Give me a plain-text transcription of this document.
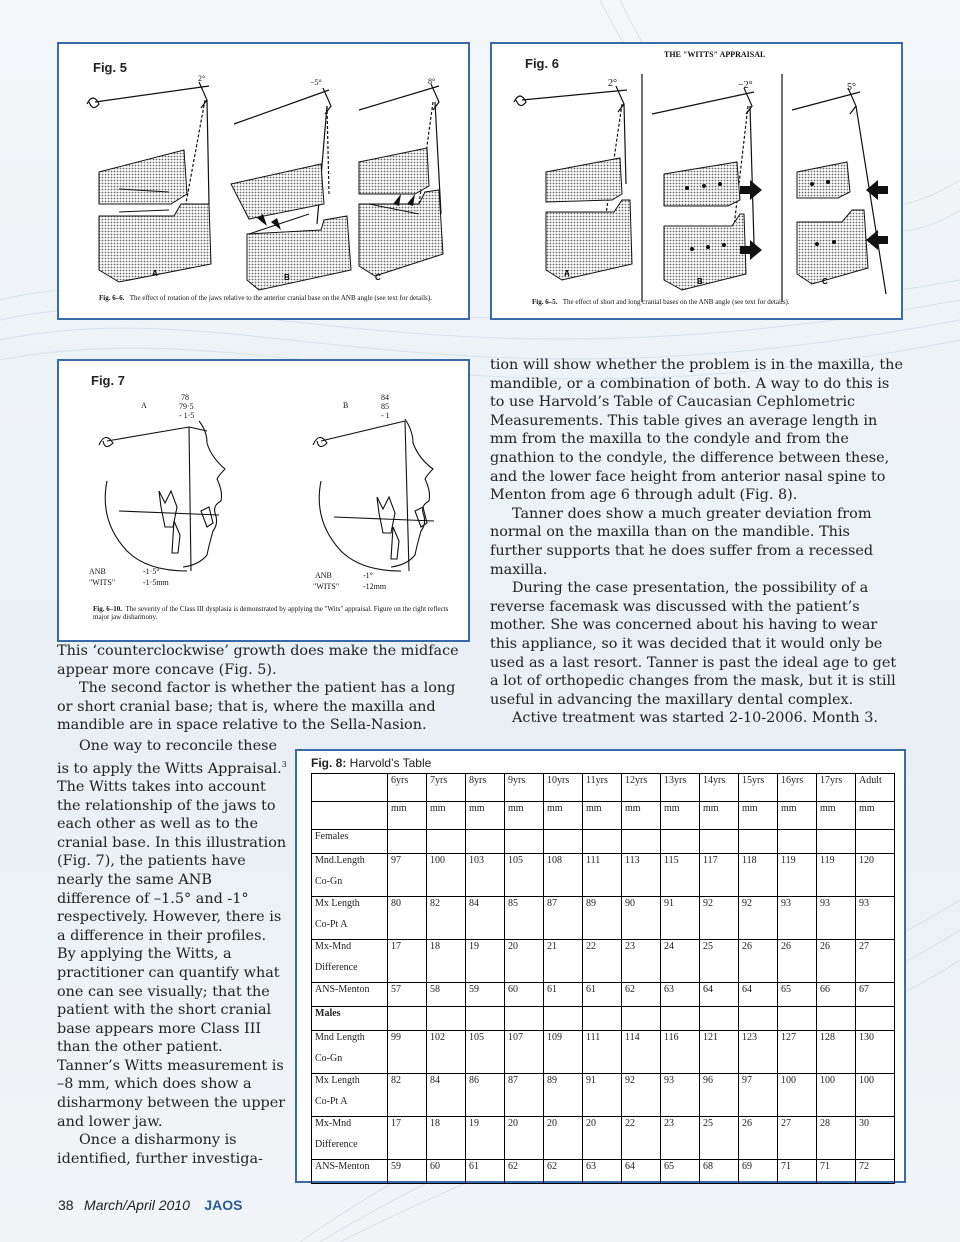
Fig. 5
2°	−5°	8°
A	B	C
Fig. 6–6. The effect of rotation of the jaws relative to the anterior cranial base on the ANB angle (see text for details).
Fig. 6
THE "WITTS" APPRAISAL
2°	−2°	5°
A
B	C
Fig. 6–5. The effect of short and long cranial bases on the ANB angle (see text for details).
Fig. 7
A
78
79·5
- 1·5
B
84
85
- 1
ANB	-1·5°
"WITS"	-1·5mm
ANB	-1°
"WITS"	-12mm
Fig. 6–10. The severity of the Class III dysplasia is demonstrated by applying the "Wits" appraisal. Figure on the right reflects major jaw disharmony.

tion will show whether the problem is in the maxilla, the mandible, or a combination of both. A way to do this is to use Harvold’s Table of Caucasian Cephlometric Measurements. This table gives an average length in mm from the maxilla to the condyle and from the gnathion to the condyle, the difference between these, and the lower face height from anterior nasal spine to Menton from age 6 through adult (Fig. 8).

Tanner does show a much greater deviation from normal on the maxilla than on the mandible. This further supports that he does suffer from a recessed maxilla.

During the case presentation, the possibility of a reverse facemask was discussed with the patient’s mother. She was concerned about his having to wear this appliance, so it was decided that it would only be used as a last resort. Tanner is past the ideal age to get a lot of orthopedic changes from the mask, but it is still useful in advancing the maxillary dental complex.

Active treatment was started 2-10-2006. Month 3.

This ‘counterclockwise’ growth does make the midface appear more concave (Fig. 5).

The second factor is whether the patient has a long or short cranial base; that is, where the maxilla and mandible are in space relative to the Sella-Nasion.

One way to reconcile these is to apply the Witts Appraisal.$^3$ The Witts takes into account the relationship of the jaws to each other as well as to the cranial base. In this illustration (Fig. 7), the patients have nearly the same ANB difference of –1.5° and -1° respectively. However, there is a difference in their profiles. By applying the Witts, a practitioner can quantify what one can see visually; that the patient with the short cranial base appears more Class III than the other patient. Tanner’s Witts measurement is –8 mm, which does show a disharmony between the upper and lower jaw.

Once a disharmony is identified, further investiga-

Fig. 8: Harvold’s Table
	6yrs	7yrs	8yrs	9yrs	10yrs	11yrs	12yrs	13yrs	14yrs	15yrs	16yrs	17yrs	Adult
	mm	mm	mm	mm	mm	mm	mm	mm	mm	mm	mm	mm	mm
Females													

Mnd.Length
Co-Gn	97	100	103	105	108	111	113	115	117	118	119	119	120

Mx Length
Co-Pt A	80	82	84	85	87	89	90	91	92	92	93	93	93

Mx-Mnd
Difference	17	18	19	20	21	22	23	24	25	26	26	26	27

ANS-Menton	57	58	59	60	61	61	62	63	64	64	65	66	67
Males													

Mnd Length
Co-Gn	99	102	105	107	109	111	114	116	121	123	127	128	130

Mx Length
Co-Pt A	82	84	86	87	89	91	92	93	96	97	100	100	100

Mx-Mnd
Difference	17	18	19	20	20	20	22	23	25	26	27	28	30

ANS-Menton	59	60	61	62	62	63	64	65	68	69	71	71	72
38 March/April 2010 JAOS
